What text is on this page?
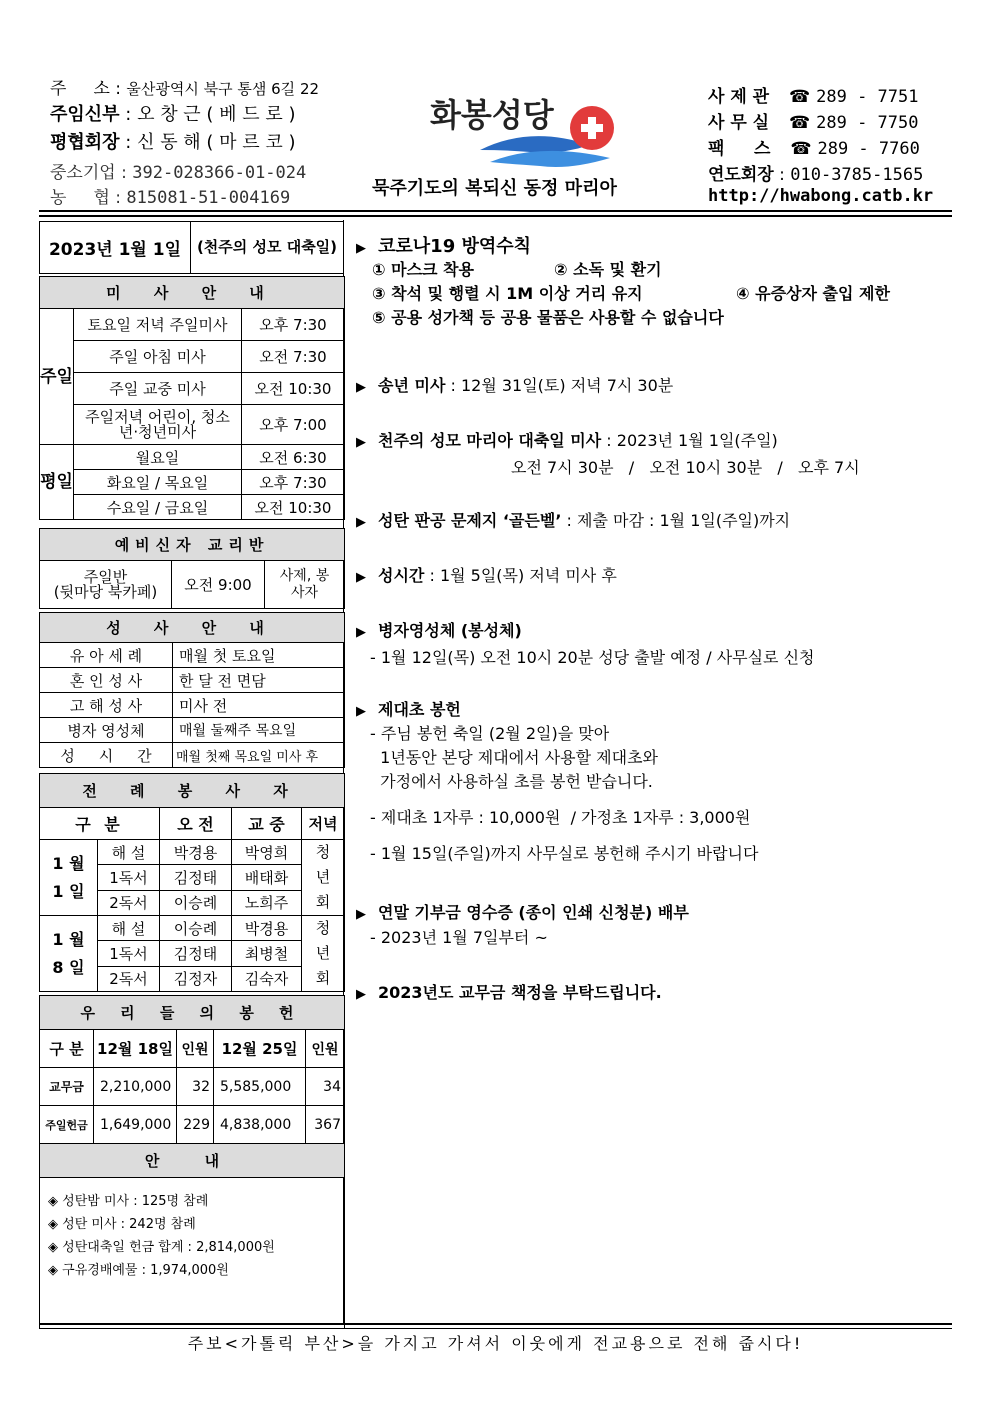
주     소 : 울산광역시 북구 통샘 6길 22
주임신부 : 오 창 근 ( 베 드 로 )
평협회장 : 신 동 해 ( 마 르 코 )
중소기업 : 392-028366-01-024
농     협 : 815081-51-004169
화봉성당
묵주기도의 복되신 동정 마리아
사 제 관 ☎ 289 - 7751
사 무 실 ☎ 289 - 7750
팩     스 ☎ 289 - 7760
연도회장 : 010-3785-1565
http://hwabong.catb.kr
2023년 1월 1일	(천주의 성모 대축일)
미 사 안 내		
주일	토요일 저녁 주일미사	오후 7:30
	주일 아침 미사	오전 7:30
	주일 교중 미사	오전 10:30
	주일저녁 어린이, 청소년·청년미사	오후 7:00
평일	월요일	오전 6:30
	화요일 / 목요일	오후 7:30
	수요일 / 금요일	오전 10:30
예비신자 교리반
주일반
(뒷마당 북카페)	오전 9:00	사제, 봉사자
성 사 안 내	
유 아 세 례	매월 첫 토요일
혼 인 성 사	한 달 전 면담
고 해 성 사	미사 전
병자 영성체	매월 둘째주 목요일
성     시     간	매월 첫째 목요일 미사 후
전 례 봉 사 자				
구 분		오 전	교 중	저녁
1 월 1 일	해 설	박경용	박영희	청 년 회
	1독서	김정태	배태화	
	2독서	이승례	노희주	
1 월 8 일	해 설	이승례	박경용	청 년 회
	1독서	김정태	최병철	
	2독서	김정자	김숙자	
우 리 들 의 봉 헌				
구 분	12월 18일	인원	12월 25일	인원
교무금	2,210,000	32	5,585,000	34
주일헌금	1,649,000	229	4,838,000	367
안 내				

◈ 성탄밤 미사 : 125명 참례
◈ 성탄 미사 : 242명 참례
◈ 성탄대축일 헌금 합계 : 2,814,000원
◈ 구유경배예물 : 1,974,000원				
▶ 코로나19 방역수칙
① 마스크 착용	② 소독 및 환기
③ 착석 및 행렬 시 1M 이상 거리 유지	④ 유증상자 출입 제한
⑤ 공용 성가책 등 공용 물품은 사용할 수 없습니다
▶ 송년 미사 : 12월 31일(토) 저녁 7시 30분
▶ 천주의 성모 마리아 대축일 미사 : 2023년 1월 1일(주일)
오전 7시 30분   /   오전 10시 30분   /   오후 7시
▶ 성탄 판공 문제지 ‘골든벨’ : 제출 마감 : 1월 1일(주일)까지
▶ 성시간 : 1월 5일(목) 저녁 미사 후
▶ 병자영성체 (봉성체)
- 1월 12일(목) 오전 10시 20분 성당 출발 예정 / 사무실로 신청
▶ 제대초 봉헌
- 주님 봉헌 축일 (2월 2일)을 맞아
1년동안 본당 제대에서 사용할 제대초와
가정에서 사용하실 초를 봉헌 받습니다.
- 제대초 1자루 : 10,000원  / 가정초 1자루 : 3,000원
- 1월 15일(주일)까지 사무실로 봉헌해 주시기 바랍니다
▶ 연말 기부금 영수증 (종이 인쇄 신청분) 배부
- 2023년 1월 7일부터 ~
▶ 2023년도 교무금 책정을 부탁드립니다.
주보<가톨릭 부산>을 가지고 가셔서 이웃에게 전교용으로 전해 줍시다!
